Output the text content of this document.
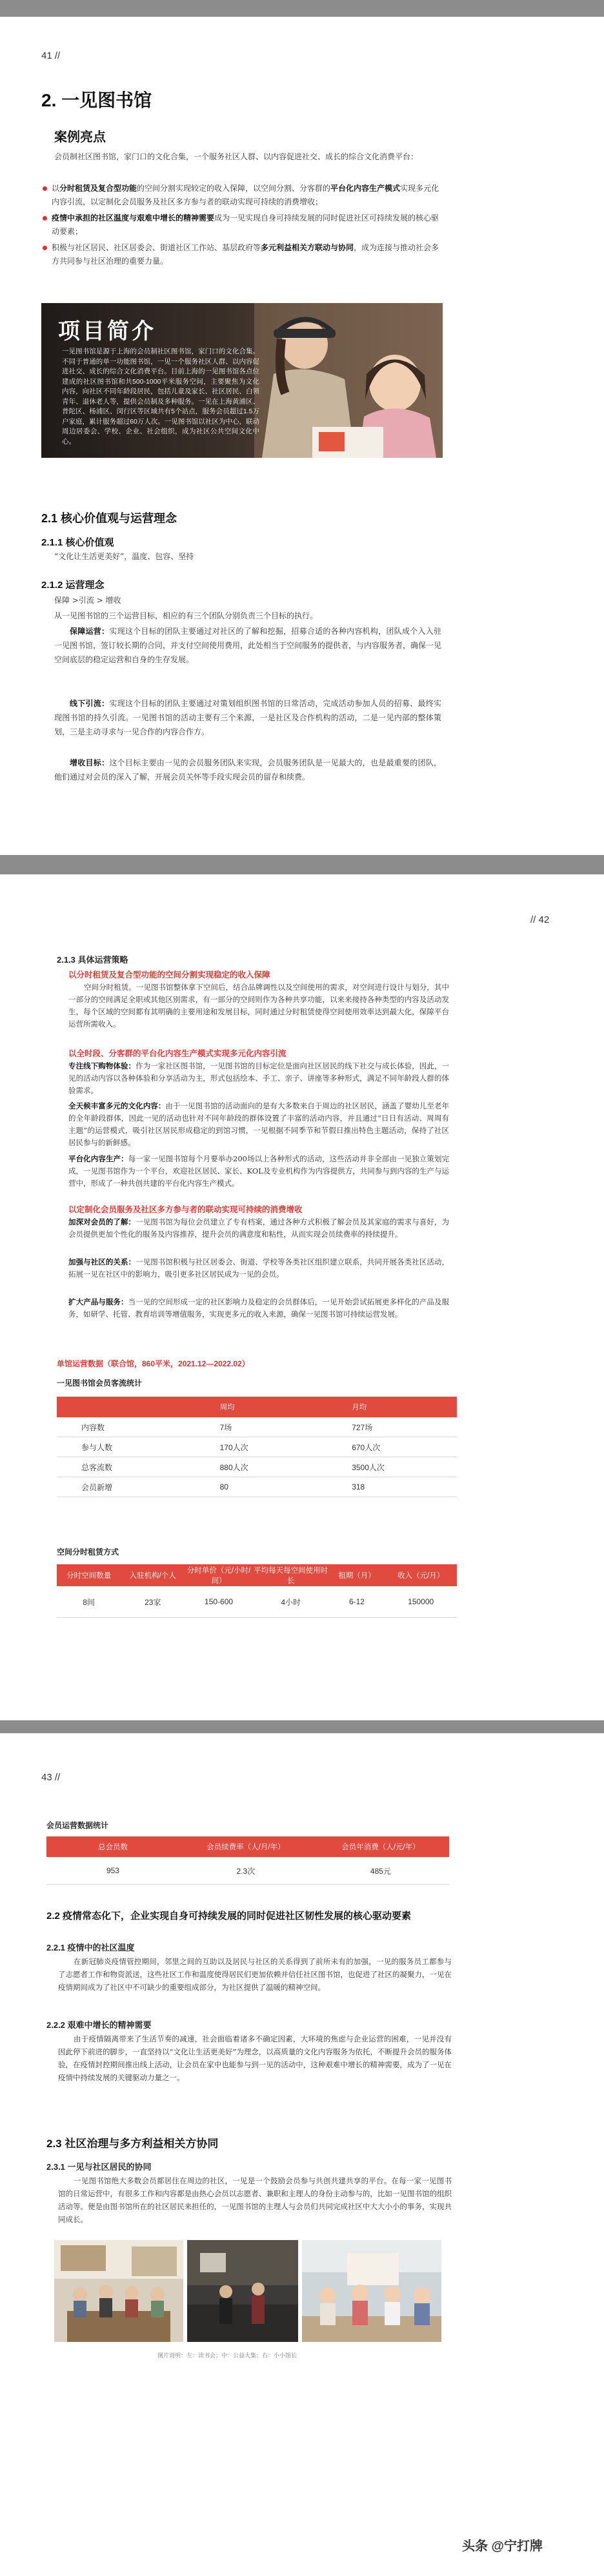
41 //
2. 一见图书馆
案例亮点
会员制社区图书馆，家门口的文化合集，一个服务社区人群、以内容促进社交、成长的综合文化消费平台：
以分时租赁及复合型功能的空间分割实现较定的收入保障，以空间分割、分客群的平台化内容生产模式实现多元化内容引流，以定制化会员服务及社区多方参与者的联动实现可持续的消费增收；
疫情中承担的社区温度与艰难中增长的精神需要成为一见实现自身可持续发展的同时促进社区可持续发展的核心驱动要素；
积极与社区居民、社区居委会、街道社区工作站、基层政府等多元利益相关方联动与协同，成为连接与推动社会多方共同参与社区治理的重要力量。
项目简介
一见图书馆是源于上海的会员制社区图书馆，家门口的文化合集。不同于普通的单一功能图书馆，一见一个服务社区人群、以内容促进社交、成长的综合文化消费平台。目前上海的一见图书馆各点位建成的社区图书馆和共500-1000平米服务空间，主要聚焦为文化内容，向社区不同年龄段居民，包括儿童及家长、社区居民、白领青年、退休老人等，提供会员制及多种服务。一见在上海黄浦区、普陀区、杨浦区、闵行区等区域共有5个站点，服务会员超过1.5万户家庭，累计服务超过60万人次。一见图书馆以社区为中心，联动周边居委会、学校、企业、社会组织，成为社区公共空间文化中心。
2.1 核心价值观与运营理念
2.1.1 核心价值观
“文化让生活更美好”，温度、包容、坚持
2.1.2 运营理念
保障 >引流 > 增收
从一见图书馆的三个运营目标，相应的有三个团队分别负责三个目标的执行。
保障运营：实现这个目标的团队主要通过对社区的了解和挖掘，招募合适的各种内容机构，团队成个入入驻一见图书馆，签订较长期的合同，并支付空间使用费用，此处相当于空间服务的提供者，与内容服务者，确保一见空间底层的稳定运营和自身的生存发展。
线下引流：实现这个目标的团队主要通过对策划组织图书馆的日常活动，完成活动参加人员的招募、最终实现图书馆的持久引流。一见图书馆的活动主要有三个来源，一是社区及合作机构的活动，二是一见内部的整体策划，三是主动寻求与一见合作的内容合作方。
增收目标：这个目标主要由一见的会员服务团队来实现，会员服务团队是一见最大的，也是最重要的团队，他们通过对会员的深入了解，开展会员关怀等手段实现会员的留存和续费。
// 42
2.1.3 具体运营策略
以分时租赁及复合型功能的空间分割实现稳定的收入保障
空间分时租赁。一见图书馆整体拿下空间后，结合品牌调性以及空间使用的需求，对空间进行设计与划分，其中一部分的空间满足全职或其他区别需求，有一部分的空间则作为各种共享功能，以来来接持各种类型的内容及活动发生，每个区域的空间都有其明确的主要用途和发展目标，同时通过分时租赁使得空间使用效率达到最大化，保障平台运营所需收入。
以全时段、分客群的平台化内容生产模式实现多元化内容引流
专注线下购物体验：作为一家社区图书馆，一见图书馆的目标定位是面向社区居民的线下社交与成长体验，因此，一见的活动内容以各种体验和分享活动为主，形式包括绘本、手工、亲子、讲座等多种形式，满足不同年龄段人群的体验需求。
全天候丰富多元的文化内容：由于一见图书馆的活动面向的是有大多数来自于周边的社区居民，涵盖了婴幼儿至老年的全年龄段群体，因此一见的活动也针对不同年龄段的群体设置了丰富的活动内容，并且通过“日日有活动、周周有主题”的运营模式，吸引社区居民形成稳定的到馆习惯，一见根据不同季节和节假日推出特色主题活动，保持了社区居民参与的新鲜感。
平台化内容生产：每一家一见图书馆每个月要举办200场以上各种形式的活动，这些活动并非全部由一见独立策划完成，一见图书馆作为一个平台，欢迎社区居民、家长、KOL及专业机构作为内容提供方，共同参与到内容的生产与运营中，形成了一种共创共建的平台化内容生产模式。
以定制化会员服务及社区多方参与者的联动实现可持续的消费增收
加深对会员的了解：一见图书馆为每位会员建立了专有档案，通过各种方式积极了解会员及其家庭的需求与喜好，为会员提供更加个性化的服务及内容推荐，提升会员的满意度和粘性，从而实现会员续费率的持续提升。
加强与社区的关系：一见图书馆积极与社区居委会、街道、学校等各类社区组织建立联系，共同开展各类社区活动，拓展一见在社区中的影响力，吸引更多社区居民成为一见的会员。
扩大产品与服务：当一见的空间形成一定的社区影响力及稳定的会员群体后，一见开始尝试拓展更多样化的产品及服务，如研学、托管、教育培训等增值服务，实现更多元的收入来源，确保一见图书馆可持续运营发展。
单馆运营数据（联合馆，860平米，2021.12—2022.02）
一见图书馆会员客流统计
	周均	月均
内容数	7场	727场
参与人数	170人次	670人次
总客流数	880人次	3500人次
会员新增	80	318
空间分时租赁方式
分时空间数量	入驻机构/个人	分时单价（元/小时/间）	平均每天每空间使用时长	租期（月）	收入（元/月）
8间	23家	150-600	4小时	6-12	150000
43 //
会员运营数据统计
总会员数	会员续费率（人/月/年）	会员年消费（人/元/年）
953	2.3次	485元
2.2 疫情常态化下，企业实现自身可持续发展的同时促进社区韧性发展的核心驱动要素
2.2.1 疫情中的社区温度
在新冠肺炎疫情管控期间，邻里之间的互助以及居民与社区的关系得到了前所未有的加强，一见的服务员工都参与了志愿者工作和物资派送，这些社区工作和温度使得居民们更加依赖并信任社区图书馆，也促进了社区的凝聚力，一见在疫情期间成为了社区中不可缺少的重要组成部分，为社区提供了温暖的精神空间。
2.2.2 艰难中增长的精神需要
由于疫情隔离带来了生活节奏的减速，社会面临着诸多不确定因素，大环境的焦虑与企业运营的困难，一见并没有因此停下前进的脚步，一直坚持以“文化让生活更美好”为理念，以高质量的文化内容服务为依托，不断提升会员的服务体验，在疫情封控期间推出线上活动，让会员在家中也能参与到一见的活动中，这种艰难中增长的精神需要，成为了一见在疫情中持续发展的关键驱动力量之一。
2.3 社区治理与多方利益相关方协同
2.3.1 一见与社区居民的协同
一见图书馆绝大多数会员都居住在周边的社区，一见是一个鼓励会员参与共创共建共享的平台。在每一家一见图书馆的日常运营中，有很多工作和内容都是由热心会员以志愿者、兼职和主理人的身份主动参与的，比如一见图书馆的组织活动等。便是由图书馆所在的社区居民来担任的，一见图书馆的主理人与会员们共同完成社区中大大小小的事务，实现共同成长。
图片说明：左：读书会；中：公益大集；右：小小馆长
头条 @宁打牌
